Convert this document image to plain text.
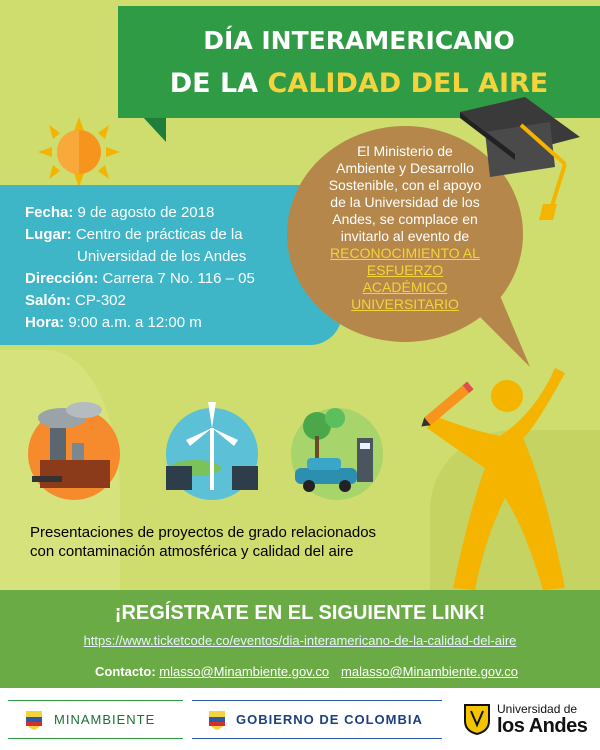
DÍA INTERAMERICANO
DE LA CALIDAD DEL AIRE
Fecha: 9 de agosto de 2018
Lugar: Centro de prácticas de la
Universidad de los Andes
Dirección: Carrera 7 No. 116 – 05
Salón: CP-302
Hora: 9:00 a.m. a 12:00 m
El Ministerio de
Ambiente y Desarrollo
Sostenible, con el apoyo
de la Universidad de los
Andes, se complace en
invitarlo al evento de
RECONOCIMIENTO AL
ESFUERZO
ACADÉMICO
UNIVERSITARIO
Presentaciones de proyectos de grado relacionados
con contaminación atmosférica y calidad del aire
¡REGÍSTRATE EN EL SIGUIENTE LINK!
https://www.ticketcode.co/eventos/dia-interamericano-de-la-calidad-del-aire
Contacto: mlasso@Minambiente.gov.co malasso@Minambiente.gov.co
MINAMBIENTE	GOBIERNO DE COLOMBIA
Universidad de
los Andes
